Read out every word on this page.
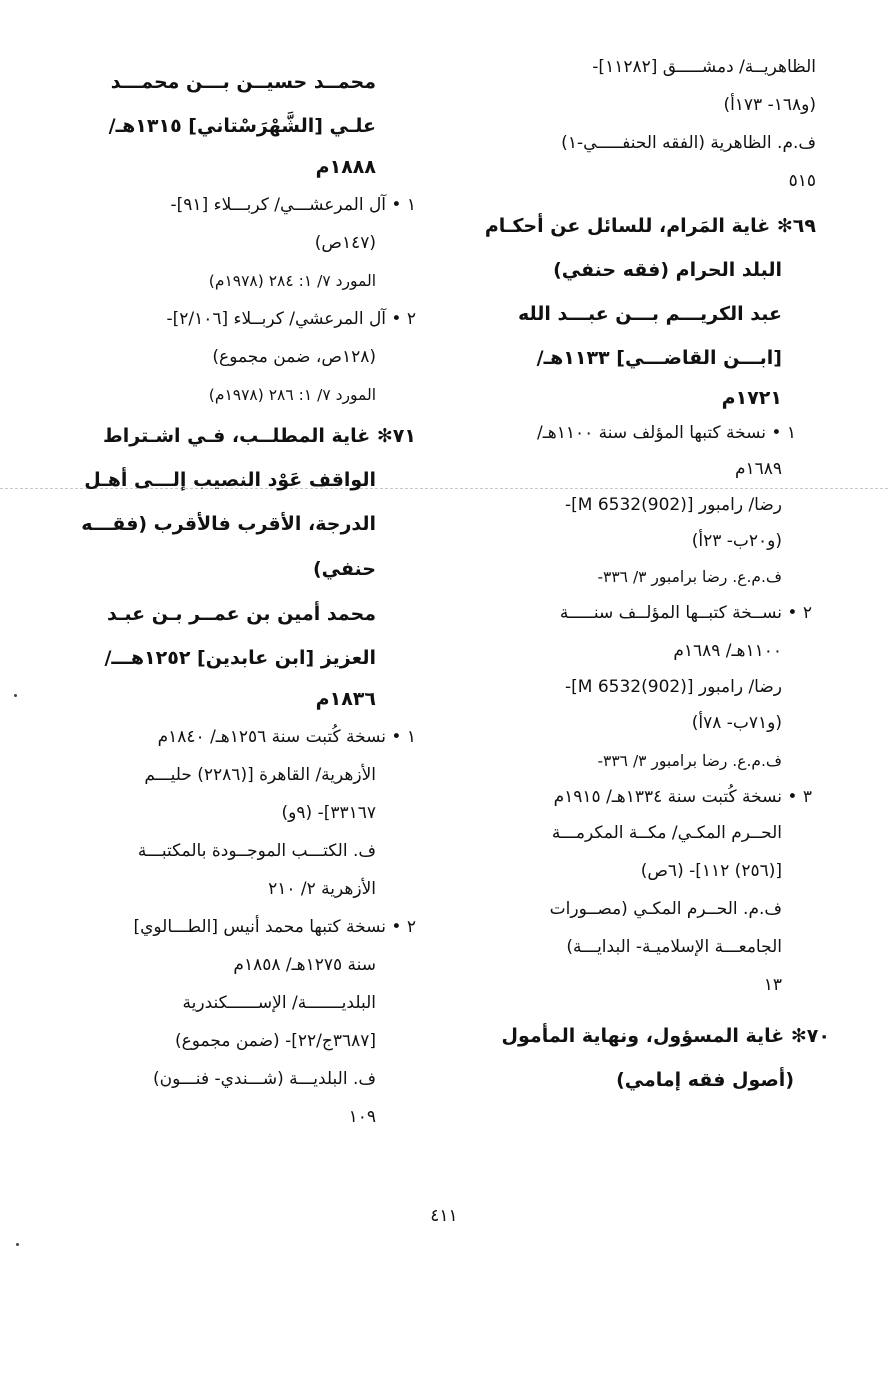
الظاهريــة/ دمشـــــق [١١٢٨٢]-
(و١٦٨- ١٧٣أ)
ف.م. الظاهرية (الفقه الحنفـــــي-١)
٥١٥
٦٩✻ غاية المَرام، للسائل عن أحكـام
البلد الحرام (فقه حنفي)
عبد الكريـــم بـــن عبـــد الله
[ابـــن القاضـــي] ١١٣٣هـ/
١٧٢١م
١ • نسخة كتبها المؤلف سنة ١١٠٠هـ/
١٦٨٩م
رضا/ رامبور [M 6532(902)]-
(و٢٠ب- ٢٣أ)
ف.م.ع. رضا برامبور ٣/ ٣٣٦-
٢ • نســخة كتبــها المؤلــف سنـــــة
١١٠٠هـ/ ١٦٨٩م
رضا/ رامبور [M 6532(902)]-
(و٧١ب- ٧٨أ)
ف.م.ع. رضا برامبور ٣/ ٣٣٦-
٣ • نسخة كُتبت سنة ١٣٣٤هـ/ ١٩١٥م
الحــرم المكـي/ مكــة المكرمـــة
[(٢٥٦) ١١٢]- (٦ص)
ف.م. الحــرم المكـي (مصــورات
الجامعـــة الإسلاميـة- البدايـــة)
١٣
٧٠✻ غاية المسؤول، ونهاية المأمول
(أصول فقه إمامي)
محمــد حسيــن بـــن محمـــد
علـي [الشَّهْرَسْتاني] ١٣١٥هـ/
١٨٨٨م
١ • آل المرعشـــي/ كربـــلاء [٩١]-
(١٤٧ص)
المورد ٧/ ١: ٢٨٤ (١٩٧٨م)
٢ • آل المرعشي/ كربــلاء [٢/١٠٦]-
(١٢٨ص، ضمن مجموع)
المورد ٧/ ١: ٢٨٦ (١٩٧٨م)
٧١✻ غاية المطلــب، فـي اشـتراط
الواقف عَوْد النصيب إلـــى أهـل
الدرجة، الأقرب فالأقرب (فقـــه
حنفي)
محمد أمين بن عمــر بـن عبـد
العزيز [ابن عابدين] ١٢٥٢هـــ/
١٨٣٦م
١ • نسخة كُتبت سنة ١٢٥٦هـ/ ١٨٤٠م
الأزهرية/ القاهرة [(٢٢٨٦) حليـــم
٣٣١٦٧]- (٩و)
ف. الكتـــب الموجــودة بالمكتبـــة
الأزهرية ٢/ ٢١٠
٢ • نسخة كتبها محمد أنيس [الطـــالوي]
سنة ١٢٧٥هـ/ ١٨٥٨م
البلديـــــــة/ الإســــــكندرية
[٣٦٨٧ج/٢٢]- (ضمن مجموع)
ف. البلديـــة (شـــندي- فنـــون)
١٠٩
٤١١
